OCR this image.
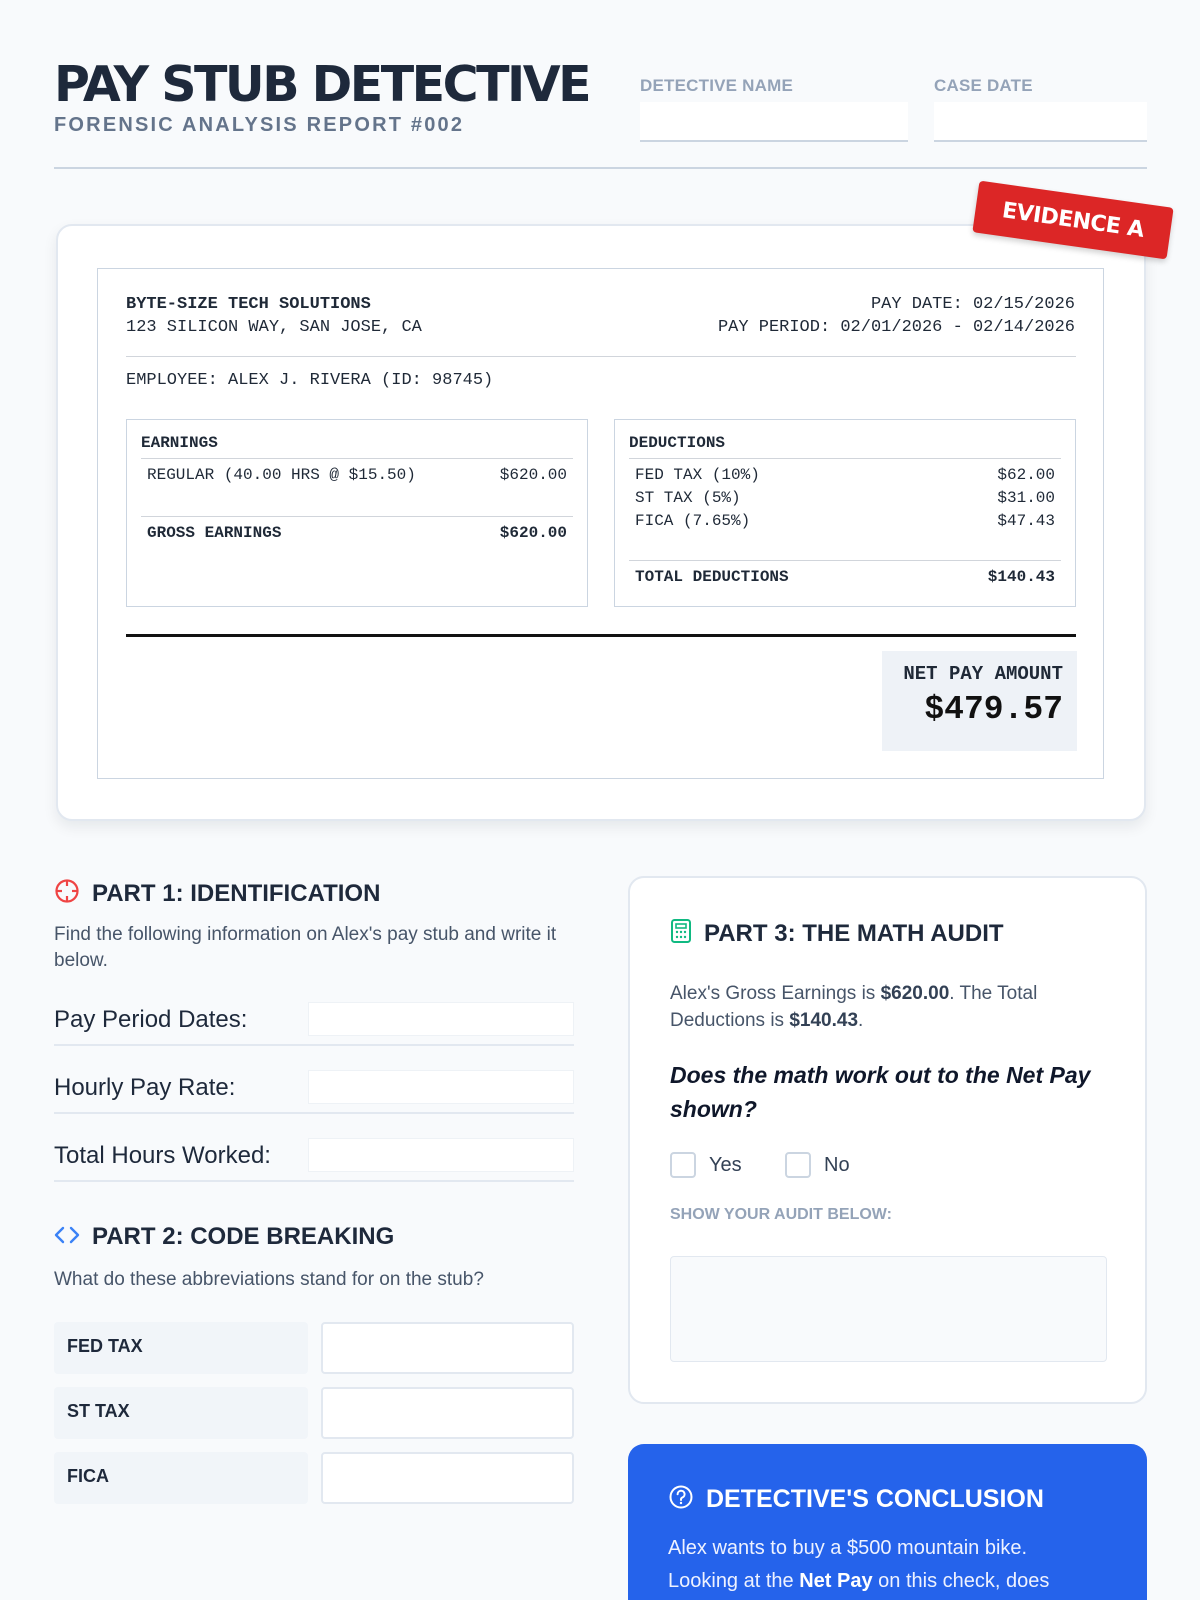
PAY STUB DETECTIVE
FORENSIC ANALYSIS REPORT #002
DETECTIVE NAME	CASE DATE
EVIDENCE A
BYTE-SIZE TECH SOLUTIONS
123 SILICON WAY, SAN JOSE, CA
PAY DATE: 02/15/2026
PAY PERIOD: 02/01/2026 - 02/14/2026
EMPLOYEE: ALEX J. RIVERA (ID: 98745)
EARNINGS
REGULAR (40.00 HRS @ $15.50)	$620.00
GROSS EARNINGS	$620.00
DEDUCTIONS
FED TAX (10%)	$62.00
ST TAX (5%)	$31.00
FICA (7.65%)	$47.43
TOTAL DEDUCTIONS	$140.43
NET PAY AMOUNT
$479.57
PART 1: IDENTIFICATION
Find the following information on Alex's pay stub and write it below.
Pay Period Dates:
Hourly Pay Rate:
Total Hours Worked:
PART 2: CODE BREAKING
What do these abbreviations stand for on the stub?
FED TAX
ST TAX
FICA
PART 3: THE MATH AUDIT
Alex's Gross Earnings is $620.00. The Total Deductions is $140.43.
Does the math work out to the Net Pay shown?
Yes	No
SHOW YOUR AUDIT BELOW:
DETECTIVE'S CONCLUSION
Alex wants to buy a $500 mountain bike. Looking at the Net Pay on this check, does
